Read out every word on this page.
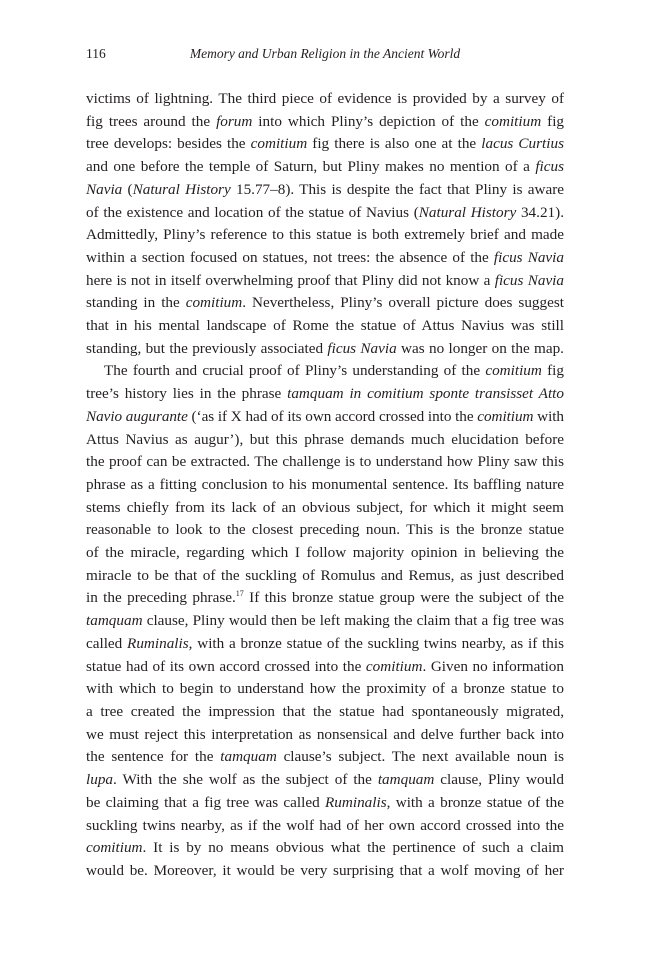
116	Memory and Urban Religion in the Ancient World
victims of lightning. The third piece of evidence is provided by a survey of
fig trees around the forum into which Pliny’s depiction of the comitium fig
tree develops: besides the comitium fig there is also one at the lacus Curtius
and one before the temple of Saturn, but Pliny makes no mention of a ficus
Navia (Natural History 15.77–8). This is despite the fact that Pliny is aware
of the existence and location of the statue of Navius (Natural History 34.21).
Admittedly, Pliny’s reference to this statue is both extremely brief and made
within a section focused on statues, not trees: the absence of the ficus Navia
here is not in itself overwhelming proof that Pliny did not know a ficus Navia
standing in the comitium. Nevertheless, Pliny’s overall picture does suggest
that in his mental landscape of Rome the statue of Attus Navius was still
standing, but the previously associated ficus Navia was no longer on the map.
The fourth and crucial proof of Pliny’s understanding of the comitium fig
tree’s history lies in the phrase tamquam in comitium sponte transisset Atto
Navio augurante (‘as if X had of its own accord crossed into the comitium with
Attus Navius as augur’), but this phrase demands much elucidation before
the proof can be extracted. The challenge is to understand how Pliny saw this
phrase as a fitting conclusion to his monumental sentence. Its baffling nature
stems chiefly from its lack of an obvious subject, for which it might seem
reasonable to look to the closest preceding noun. This is the bronze statue
of the miracle, regarding which I follow majority opinion in believing the
miracle to be that of the suckling of Romulus and Remus, as just described
in the preceding phrase.$^{17}$ If this bronze statue group were the subject of the
tamquam clause, Pliny would then be left making the claim that a fig tree was
called Ruminalis, with a bronze statue of the suckling twins nearby, as if this
statue had of its own accord crossed into the comitium. Given no information
with which to begin to understand how the proximity of a bronze statue to
a tree created the impression that the statue had spontaneously migrated,
we must reject this interpretation as nonsensical and delve further back into
the sentence for the tamquam clause’s subject. The next available noun is
lupa. With the she wolf as the subject of the tamquam clause, Pliny would
be claiming that a fig tree was called Ruminalis, with a bronze statue of the
suckling twins nearby, as if the wolf had of her own accord crossed into the
comitium. It is by no means obvious what the pertinence of such a claim
would be. Moreover, it would be very surprising that a wolf moving of her
